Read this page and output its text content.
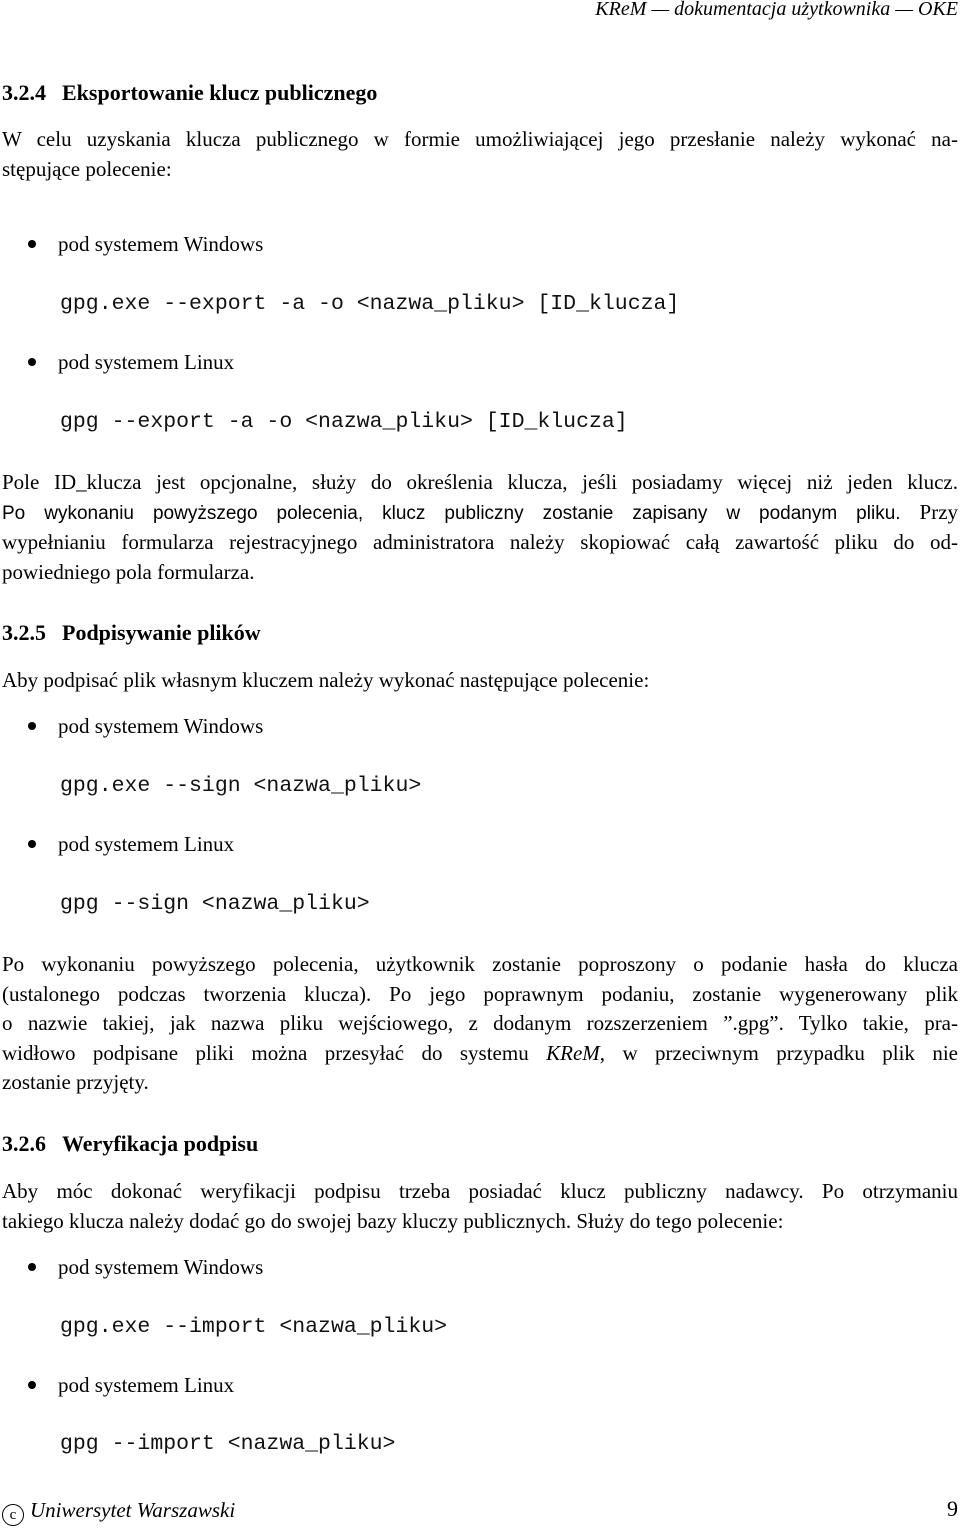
KReM — dokumentacja użytkownika — OKE
3.2.4 Eksportowanie klucz publicznego
W celu uzyskania klucza publicznego w formie umożliwiającej jego przesłanie należy wykonać na-
stępujące polecenie:
pod systemem Windows
gpg.exe --export -a -o <nazwa_pliku> [ID_klucza]
pod systemem Linux
gpg --export -a -o <nazwa_pliku> [ID_klucza]
Pole ID_klucza jest opcjonalne, służy do określenia klucza, jeśli posiadamy więcej niż jeden klucz.
Po wykonaniu powyższego polecenia, klucz publiczny zostanie zapisany w podanym pliku. Przy
wypełnianiu formularza rejestracyjnego administratora należy skopiować całą zawartość pliku do od-
powiedniego pola formularza.
3.2.5 Podpisywanie plików
Aby podpisać plik własnym kluczem należy wykonać następujące polecenie:
pod systemem Windows
gpg.exe --sign <nazwa_pliku>
pod systemem Linux
gpg --sign <nazwa_pliku>
Po wykonaniu powyższego polecenia, użytkownik zostanie poproszony o podanie hasła do klucza
(ustalonego podczas tworzenia klucza). Po jego poprawnym podaniu, zostanie wygenerowany plik
o nazwie takiej, jak nazwa pliku wejściowego, z dodanym rozszerzeniem ”.gpg”. Tylko takie, pra-
widłowo podpisane pliki można przesyłać do systemu KReM, w przeciwnym przypadku plik nie
zostanie przyjęty.
3.2.6 Weryfikacja podpisu
Aby móc dokonać weryfikacji podpisu trzeba posiadać klucz publiczny nadawcy. Po otrzymaniu
takiego klucza należy dodać go do swojej bazy kluczy publicznych. Służy do tego polecenie:
pod systemem Windows
gpg.exe --import <nazwa_pliku>
pod systemem Linux
gpg --import <nazwa_pliku>
c Uniwersytet Warszawski	9
